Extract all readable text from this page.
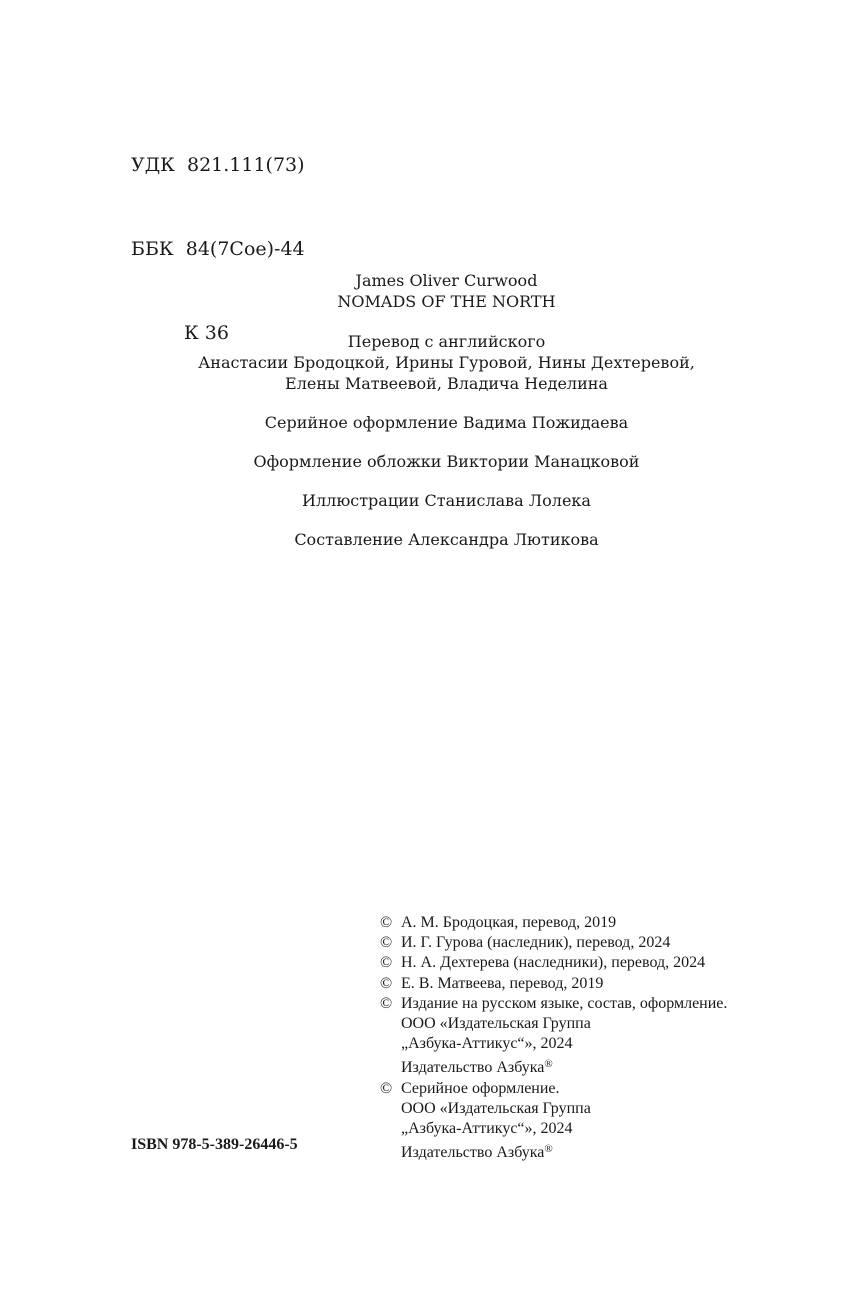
УДК 821.111(73)

ББК 84(7Сое)-44

К 36

James Oliver Curwood
NOMADS OF THE NORTH
Перевод с английского
Анастасии Бродоцкой, Ирины Гуровой, Нины Дехтеревой,
Елены Матвеевой, Владича Неделина
Серийное оформление Вадима Пожидаева
Оформление обложки Виктории Манацковой
Иллюстрации Станислава Лолека
Составление Александра Лютикова
© А. М. Бродоцкая, перевод, 2019
© И. Г. Гурова (наследник), перевод, 2024
© Н. А. Дехтерева (наследники), перевод, 2024
© Е. В. Матвеева, перевод, 2019
© Издание на русском языке, состав, оформление.
ООО «Издательская Группа
„Азбука-Аттикус“», 2024
Издательство Азбука®
© Серийное оформление.
ООО «Издательская Группа
„Азбука-Аттикус“», 2024
Издательство Азбука®
ISBN 978-5-389-26446-5
